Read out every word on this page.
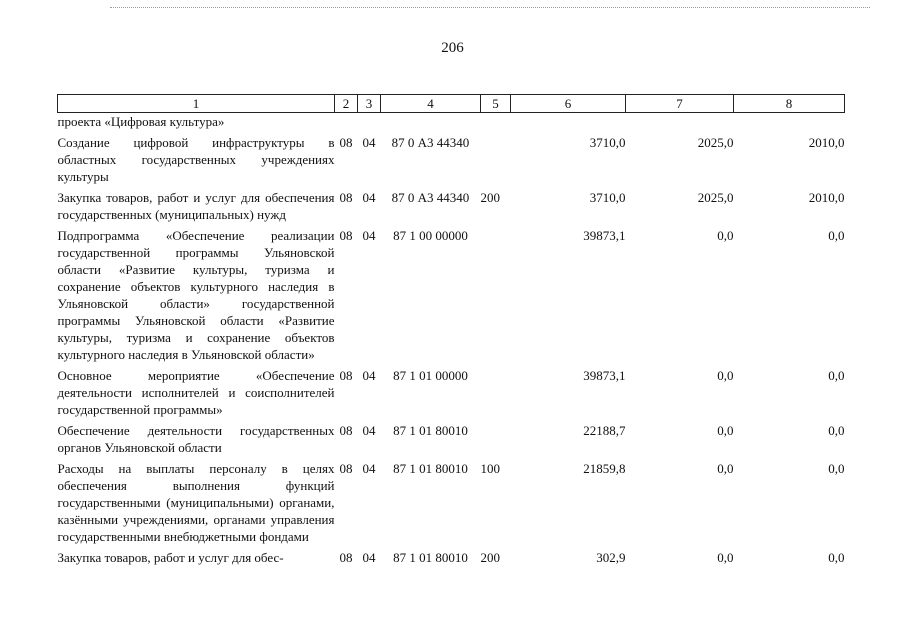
206
1	2	3	4	5	6	7	8
проекта «Цифровая культура»							
Создание цифровой инфраструктуры в областных государственных учреждениях культуры	08	04	87 0 А3 44340		3710,0	2025,0	2010,0
Закупка товаров, работ и услуг для обеспечения государственных (муниципальных) нужд	08	04	87 0 А3 44340	200	3710,0	2025,0	2010,0
Подпрограмма «Обеспечение реализации государственной программы Ульяновской области «Развитие культуры, туризма и сохранение объектов культурного наследия в Ульяновской области» государственной программы Ульяновской области «Развитие культуры, туризма и сохранение объектов культурного наследия в Ульяновской области»	08	04	87 1 00 00000		39873,1	0,0	0,0
Основное мероприятие «Обеспечение деятельности исполнителей и соисполнителей государственной программы»	08	04	87 1 01 00000		39873,1	0,0	0,0
Обеспечение деятельности государственных органов Ульяновской области	08	04	87 1 01 80010		22188,7	0,0	0,0
Расходы на выплаты персоналу в целях обеспечения выполнения функций государственными (муниципальными) органами, казёнными учреждениями, органами управления государственными внебюджетными фондами	08	04	87 1 01 80010	100	21859,8	0,0	0,0
Закупка товаров, работ и услуг для обес-	08	04	87 1 01 80010	200	302,9	0,0	0,0
